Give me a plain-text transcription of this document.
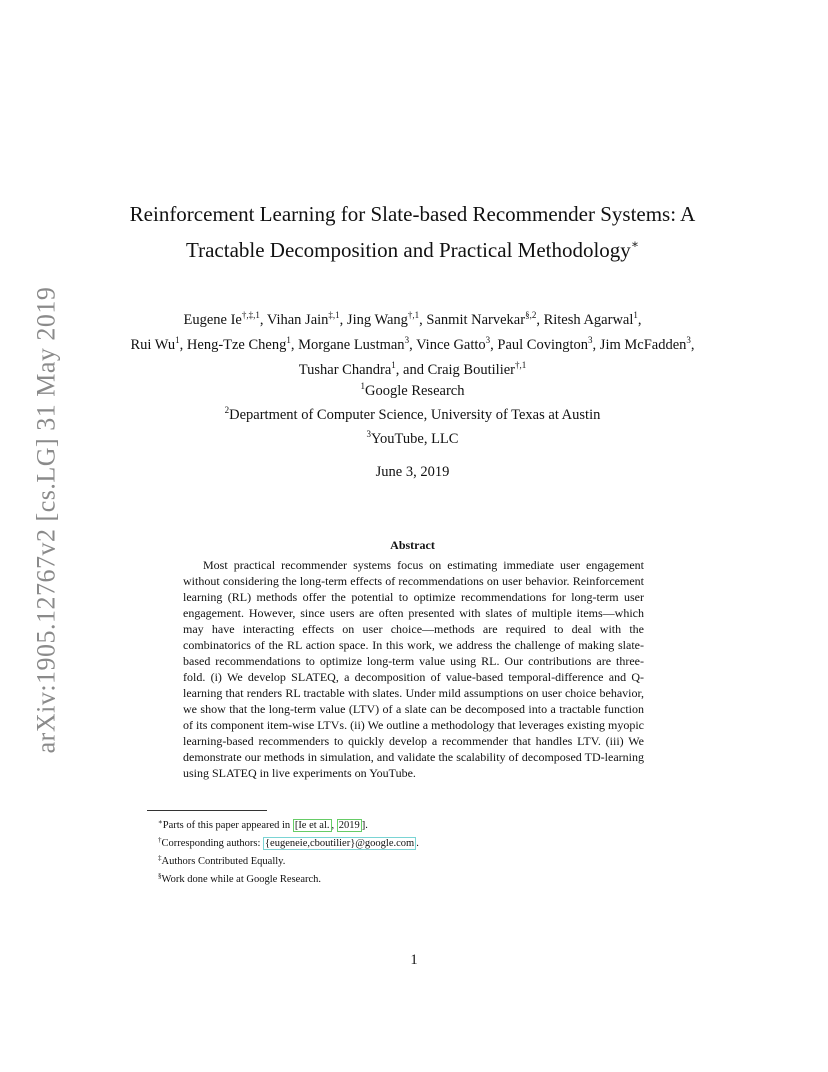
arXiv:1905.12767v2 [cs.LG] 31 May 2019
Reinforcement Learning for Slate-based Recommender Systems: A Tractable Decomposition and Practical Methodology∗
Eugene $Ie^{\dagger,\ddagger,1}$, Vihan Jain$^{\ddagger,1}$, Jing Wang$^{\dagger,1}$, Sanmit Narvekar$^{\S,2}$, Ritesh Agarwal$^1$,
Rui Wu$^1$, Heng-Tze Cheng$^1$, Morgane Lustman$^3$, Vince Gatto$^3$, Paul Covington$^3$, Jim McFadden$^3$,
Tushar Chandra$^1$, and Craig Boutilier$^{\dagger,1}$
$^1$Google Research
$^2$Department of Computer Science, University of Texas at Austin
$^3$YouTube, LLC
June 3, 2019
Abstract

Most practical recommender systems focus on estimating immediate user engagement without considering the long-term effects of recommendations on user behavior. Reinforcement learning (RL) methods offer the potential to optimize recommendations for long-term user engagement. However, since users are often presented with slates of multiple items—which may have interacting effects on user choice—methods are required to deal with the combinatorics of the RL action space. In this work, we address the challenge of making slate-based recommendations to optimize long-term value using RL. Our contributions are three-fold. (i) We develop SLATEQ, a decomposition of value-based temporal-difference and Q-learning that renders RL tractable with slates. Under mild assumptions on user choice behavior, we show that the long-term value (LTV) of a slate can be decomposed into a tractable function of its component item-wise LTVs. (ii) We outline a methodology that leverages existing myopic learning-based recommenders to quickly develop a recommender that handles LTV. (iii) We demonstrate our methods in simulation, and validate the scalability of decomposed TD-learning using SLATEQ in live experiments on YouTube.

∗Parts of this paper appeared in [Ie et al. , 2019 ].
†Corresponding authors: {eugeneie,cboutilier}@google.com .
‡Authors Contributed Equally.
§Work done while at Google Research.
1
